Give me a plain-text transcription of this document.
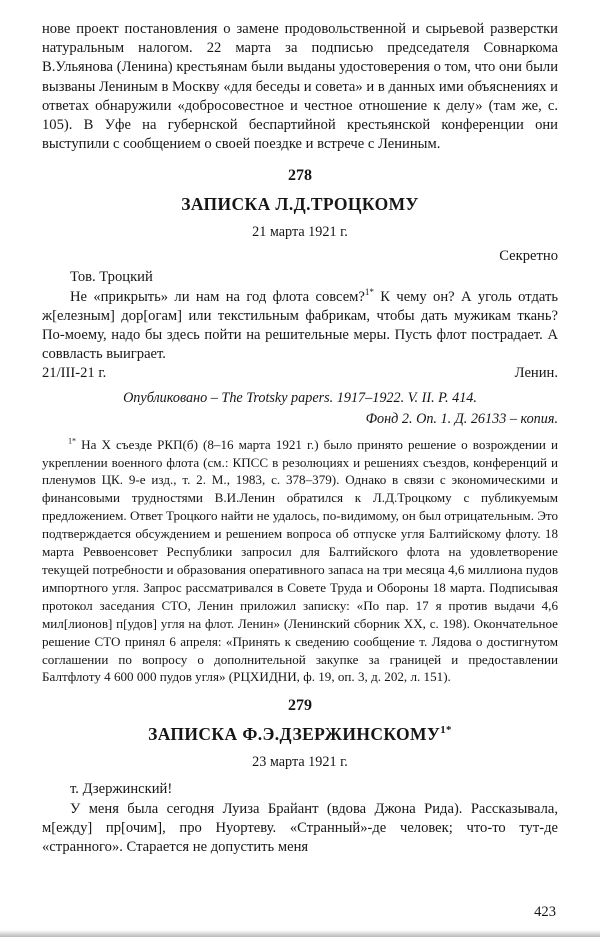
нове проект постановления о замене продовольственной и сырьевой разверстки натуральным налогом. 22 марта за подписью председателя Совнаркома В.Ульянова (Ленина) крестьянам были выданы удостоверения о том, что они были вызваны Лениным в Москву «для беседы и совета» и в данных ими объяснениях и ответах обнаружили «добросовестное и честное отношение к делу» (там же, с. 105). В Уфе на губернской беспартийной крестьянской конференции они выступили с сообщением о своей поездке и встрече с Лениным.

278
ЗАПИСКА Л.Д.ТРОЦКОМУ
21 марта 1921 г.
Секретно

Тов. Троцкий

Не «прикрыть» ли нам на год флота совсем?$^{1*}$ К чему он? А уголь отдать ж[елезным] дор[огам] или текстильным фабрикам, чтобы дать мужикам ткань? По-моему, надо бы здесь пойти на решительные меры. Пусть флот пострадает. А соввласть выиграет.

21/III-21 г.	Ленин.
Опубликовано – The Trotsky papers. 1917–1922. V. II. P. 414.
Фонд 2. Оп. 1. Д. 26133 – копия.

$^{1*}$ На X съезде РКП(б) (8–16 марта 1921 г.) было принято решение о возрождении и укреплении военного флота (см.: КПСС в резолюциях и решениях съездов, конференций и пленумов ЦК. 9-е изд., т. 2. М., 1983, с. 378–379). Однако в связи с экономическими и финансовыми трудностями В.И.Ленин обратился к Л.Д.Троцкому с публикуемым предложением. Ответ Троцкого найти не удалось, по-видимому, он был отрицательным. Это подтверждается обсуждением и решением вопроса об отпуске угля Балтийскому флоту. 18 марта Реввоенсовет Республики запросил для Балтийского флота на удовлетворение текущей потребности и образования оперативного запаса на три месяца 4,6 миллиона пудов импортного угля. Запрос рассматривался в Совете Труда и Обороны 18 марта. Подписывая протокол заседания СТО, Ленин приложил записку: «По пар. 17 я против выдачи 4,6 мил[лионов] п[удов] угля на флот. Ленин» (Ленинский сборник XX, с. 198). Окончательное решение СТО принял 6 апреля: «Принять к сведению сообщение т. Лядова о достигнутом соглашении по вопросу о дополнительной закупке за границей и предоставлении Балтфлоту 4 600 000 пудов угля» (РЦХИДНИ, ф. 19, оп. 3, д. 202, л. 151).

279
ЗАПИСКА Ф.Э.ДЗЕРЖИНСКОМУ$^{1*}$
23 марта 1921 г.

т. Дзержинский!

У меня была сегодня Луиза Брайант (вдова Джона Рида). Рассказывала, м[ежду] пр[очим], про Нуортеву. «Странный»-де человек; что-то тут-де «странного». Старается не допустить меня

423
